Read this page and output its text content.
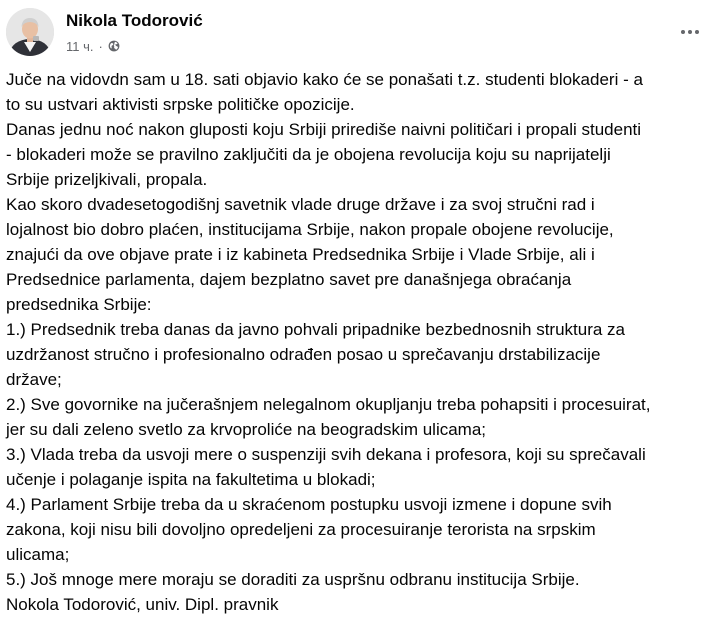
Nikola Todorović
11 ч. ·
Juče na vidovdn sam u 18. sati objavio kako će se ponašati t.z. studenti blokaderi - a
to su ustvari aktivisti srpske političke opozicije.
Danas jednu noć nakon gluposti koju Srbiji prirediše naivni političari i propali studenti
- blokaderi može se pravilno zaključiti da je obojena revolucija koju su naprijatelji
Srbije prizeljkivali, propala.
Kao skoro dvadesetogodišnj savetnik vlade druge države i za svoj stručni rad i
lojalnost bio dobro plaćen, institucijama Srbije, nakon propale obojene revolucije,
znajući da ove objave prate i iz kabineta Predsednika Srbije i Vlade Srbije, ali i
Predsednice parlamenta, dajem bezplatno savet pre današnjega obraćanja
predsednika Srbije:
1.) Predsednik treba danas da javno pohvali pripadnike bezbednosnih struktura za
uzdržanost stručno i profesionalno odrađen posao u sprečavanju drstabilizacije
države;
2.) Sve govornike na jučerašnjem nelegalnom okupljanju treba pohapsiti i procesuirat,
jer su dali zeleno svetlo za krvoproliće na beogradskim ulicama;
3.) Vlada treba da usvoji mere o suspenziji svih dekana i profesora, koji su sprečavali
učenje i polaganje ispita na fakultetima u blokadi;
4.) Parlament Srbije treba da u skraćenom postupku usvoji izmene i dopune svih
zakona, koji nisu bili dovoljno opredeljeni za procesuiranje terorista na srpskim
ulicama;
5.) Još mnoge mere moraju se doraditi za uspršnu odbranu institucija Srbije.
Nokola Todorović, univ. Dipl. pravnik
